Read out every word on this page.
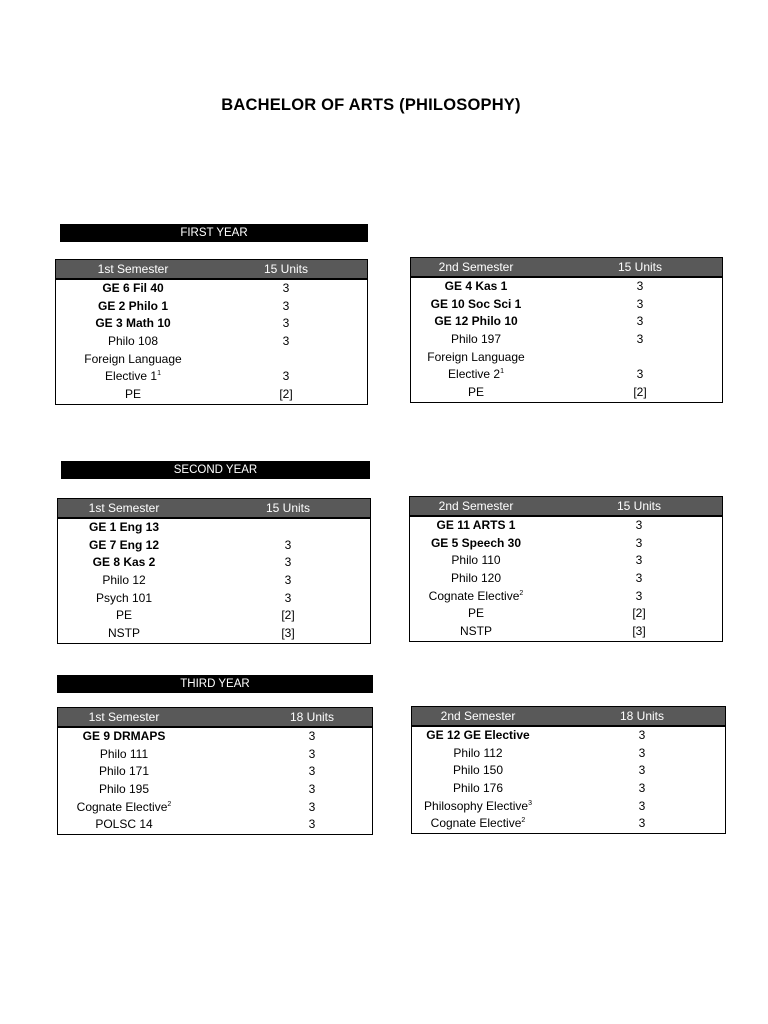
BACHELOR OF ARTS (PHILOSOPHY)
FIRST YEAR
1st Semester	15 Units
GE 6 Fil 40	3
GE 2 Philo 1	3
GE 3 Math 10	3
Philo 108	3
Foreign Language
Elective $1^1$	3
PE	[2]
2nd Semester	15 Units
GE 4 Kas 1	3
GE 10 Soc Sci 1	3
GE 12 Philo 10	3
Philo 197	3
Foreign Language
Elective $2^1$	3
PE	[2]
SECOND YEAR
1st Semester	15 Units
GE 1 Eng 13
GE 7 Eng 12	3
GE 8 Kas 2	3
Philo 12	3
Psych 101	3
PE	[2]
NSTP	[3]
2nd Semester	15 Units
GE 11 ARTS 1	3
GE 5 Speech 30	3
Philo 110	3
Philo 120	3
Cognate Elective$^2$	3
PE	[2]
NSTP	[3]
THIRD YEAR
1st Semester	18 Units
GE 9 DRMAPS	3
Philo 111	3
Philo 171	3
Philo 195	3
Cognate Elective$^2$	3
POLSC 14	3
2nd Semester	18 Units
GE 12 GE Elective	3
Philo 112	3
Philo 150	3
Philo 176	3
Philosophy Elective$^3$	3
Cognate Elective$^2$	3
